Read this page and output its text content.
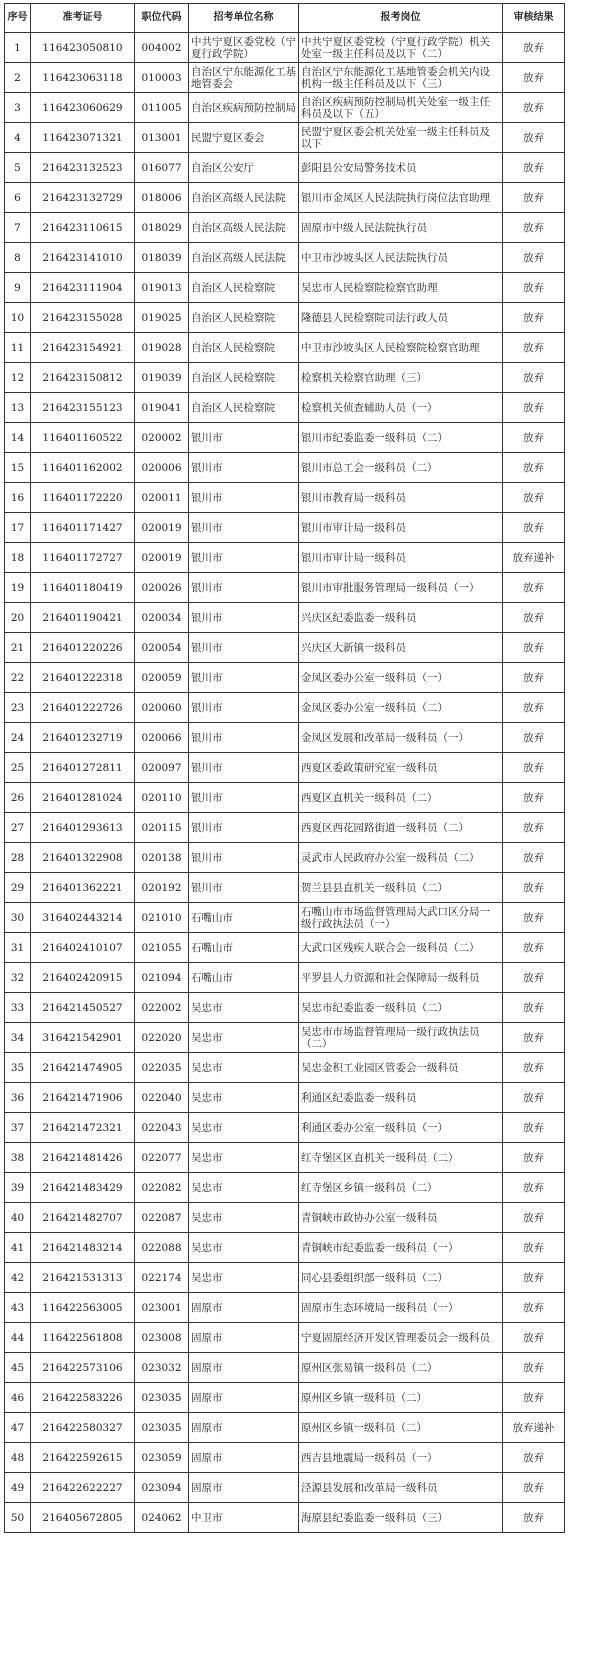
序号	准考证号	职位代码	招考单位名称	报考岗位	审核结果
1	116423050810	004002	中共宁夏区委党校（宁夏行政学院）	中共宁夏区委党校（宁夏行政学院）机关处室一级主任科员及以下（二）	放弃
2	116423063118	010003	自治区宁东能源化工基地管委会	自治区宁东能源化工基地管委会机关内设机构一级主任科员及以下（三）	放弃
3	116423060629	011005	自治区疾病预防控制局	自治区疾病预防控制局机关处室一级主任科员及以下（五）	放弃
4	116423071321	013001	民盟宁夏区委会	民盟宁夏区委会机关处室一级主任科员及以下	放弃
5	216423132523	016077	自治区公安厅	彭阳县公安局警务技术员	放弃
6	216423132729	018006	自治区高级人民法院	银川市金凤区人民法院执行岗位法官助理	放弃
7	216423110615	018029	自治区高级人民法院	固原市中级人民法院执行员	放弃
8	216423141010	018039	自治区高级人民法院	中卫市沙坡头区人民法院执行员	放弃
9	216423111904	019013	自治区人民检察院	吴忠市人民检察院检察官助理	放弃
10	216423155028	019025	自治区人民检察院	隆德县人民检察院司法行政人员	放弃
11	216423154921	019028	自治区人民检察院	中卫市沙坡头区人民检察院检察官助理	放弃
12	216423150812	019039	自治区人民检察院	检察机关检察官助理（三）	放弃
13	216423155123	019041	自治区人民检察院	检察机关侦查辅助人员（一）	放弃
14	116401160522	020002	银川市	银川市纪委监委一级科员（二）	放弃
15	116401162002	020006	银川市	银川市总工会一级科员（二）	放弃
16	116401172220	020011	银川市	银川市教育局一级科员	放弃
17	116401171427	020019	银川市	银川市审计局一级科员	放弃
18	116401172727	020019	银川市	银川市审计局一级科员	放弃递补
19	116401180419	020026	银川市	银川市审批服务管理局一级科员（一）	放弃
20	216401190421	020034	银川市	兴庆区纪委监委一级科员	放弃
21	216401220226	020054	银川市	兴庆区大新镇一级科员	放弃
22	216401222318	020059	银川市	金凤区委办公室一级科员（一）	放弃
23	216401222726	020060	银川市	金凤区委办公室一级科员（二）	放弃
24	216401232719	020066	银川市	金凤区发展和改革局一级科员（一）	放弃
25	216401272811	020097	银川市	西夏区委政策研究室一级科员	放弃
26	216401281024	020110	银川市	西夏区直机关一级科员（二）	放弃
27	216401293613	020115	银川市	西夏区西花园路街道一级科员（二）	放弃
28	216401322908	020138	银川市	灵武市人民政府办公室一级科员（二）	放弃
29	216401362221	020192	银川市	贺兰县县直机关一级科员（二）	放弃
30	316402443214	021010	石嘴山市	石嘴山市市场监督管理局大武口区分局一级行政执法员（一）	放弃
31	216402410107	021055	石嘴山市	大武口区残疾人联合会一级科员（二）	放弃
32	216402420915	021094	石嘴山市	平罗县人力资源和社会保障局一级科员	放弃
33	216421450527	022002	吴忠市	吴忠市纪委监委一级科员（二）	放弃
34	316421542901	022020	吴忠市	吴忠市市场监督管理局一级行政执法员（二）	放弃
35	216421474905	022035	吴忠市	吴忠金积工业园区管委会一级科员	放弃
36	216421471906	022040	吴忠市	利通区纪委监委一级科员	放弃
37	216421472321	022043	吴忠市	利通区委办公室一级科员（一）	放弃
38	216421481426	022077	吴忠市	红寺堡区区直机关一级科员（二）	放弃
39	216421483429	022082	吴忠市	红寺堡区乡镇一级科员（二）	放弃
40	216421482707	022087	吴忠市	青铜峡市政协办公室一级科员	放弃
41	216421483214	022088	吴忠市	青铜峡市纪委监委一级科员（一）	放弃
42	216421531313	022174	吴忠市	同心县委组织部一级科员（二）	放弃
43	116422563005	023001	固原市	固原市生态环境局一级科员（一）	放弃
44	116422561808	023008	固原市	宁夏固原经济开发区管理委员会一级科员	放弃
45	216422573106	023032	固原市	原州区张易镇一级科员（二）	放弃
46	216422583226	023035	固原市	原州区乡镇一级科员（二）	放弃
47	216422580327	023035	固原市	原州区乡镇一级科员（二）	放弃递补
48	216422592615	023059	固原市	西吉县地震局一级科员（一）	放弃
49	216422622227	023094	固原市	泾源县发展和改革局一级科员	放弃
50	216405672805	024062	中卫市	海原县纪委监委一级科员（三）	放弃
